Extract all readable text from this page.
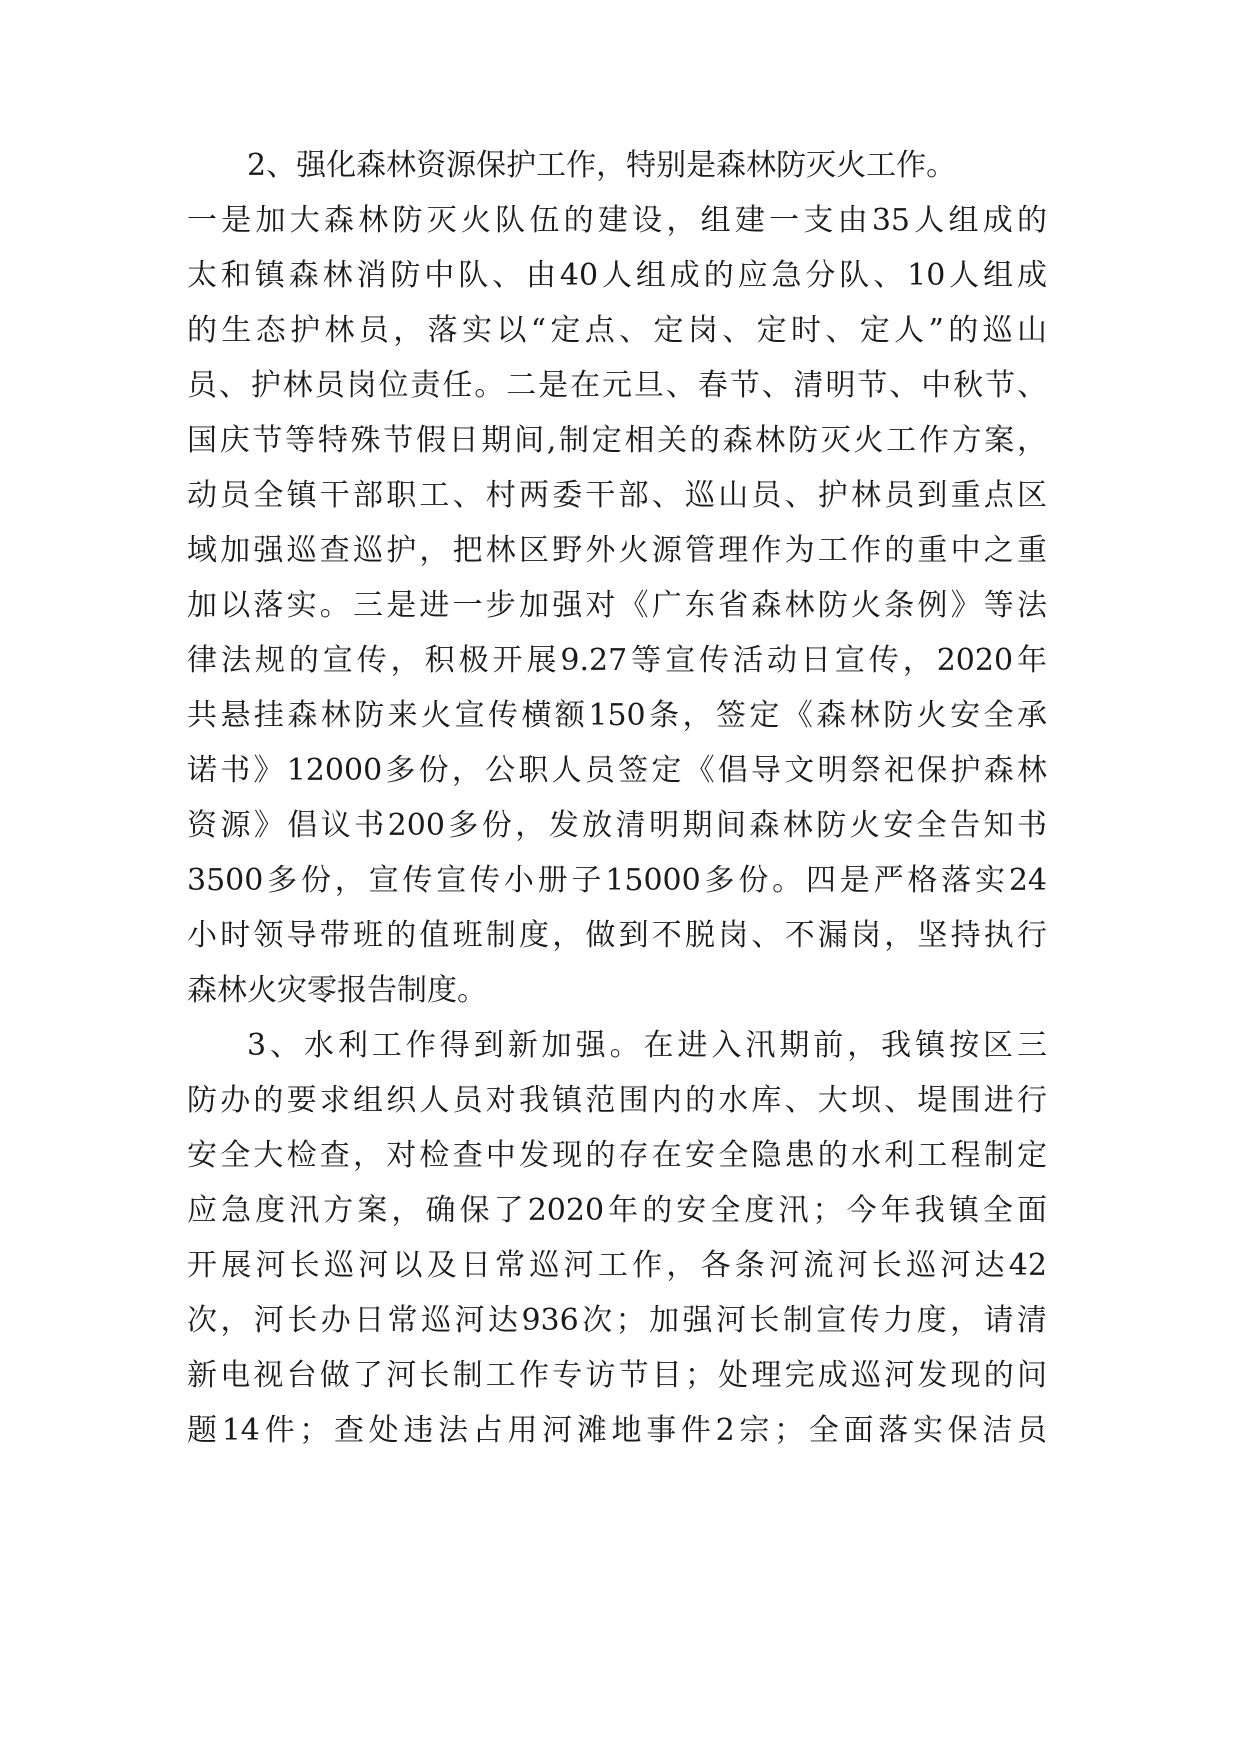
2、强化森林资源保护工作，特别是森林防灭火工作。
一是加大森林防灭火队伍的建设，组建一支由35人组成的
太和镇森林消防中队、由40人组成的应急分队、10人组成
的生态护林员，落实以“定点、定岗、定时、定人”的巡山
员、护林员岗位责任。二是在元旦、春节、清明节、中秋节、
国庆节等特殊节假日期间,制定相关的森林防灭火工作方案，
动员全镇干部职工、村两委干部、巡山员、护林员到重点区
域加强巡查巡护，把林区野外火源管理作为工作的重中之重
加以落实。三是进一步加强对《广东省森林防火条例》等法
律法规的宣传，积极开展9.27等宣传活动日宣传，2020年
共悬挂森林防来火宣传横额150条，签定《森林防火安全承
诺书》12000多份，公职人员签定《倡导文明祭祀保护森林
资源》倡议书200多份，发放清明期间森林防火安全告知书
3500多份，宣传宣传小册子15000多份。四是严格落实24
小时领导带班的值班制度，做到不脱岗、不漏岗，坚持执行
森林火灾零报告制度。
3、水利工作得到新加强。在进入汛期前，我镇按区三
防办的要求组织人员对我镇范围内的水库、大坝、堤围进行
安全大检查，对检查中发现的存在安全隐患的水利工程制定
应急度汛方案，确保了2020年的安全度汛；今年我镇全面
开展河长巡河以及日常巡河工作，各条河流河长巡河达42
次，河长办日常巡河达936次；加强河长制宣传力度，请清
新电视台做了河长制工作专访节目；处理完成巡河发现的问
题14件；查处违法占用河滩地事件2宗；全面落实保洁员
